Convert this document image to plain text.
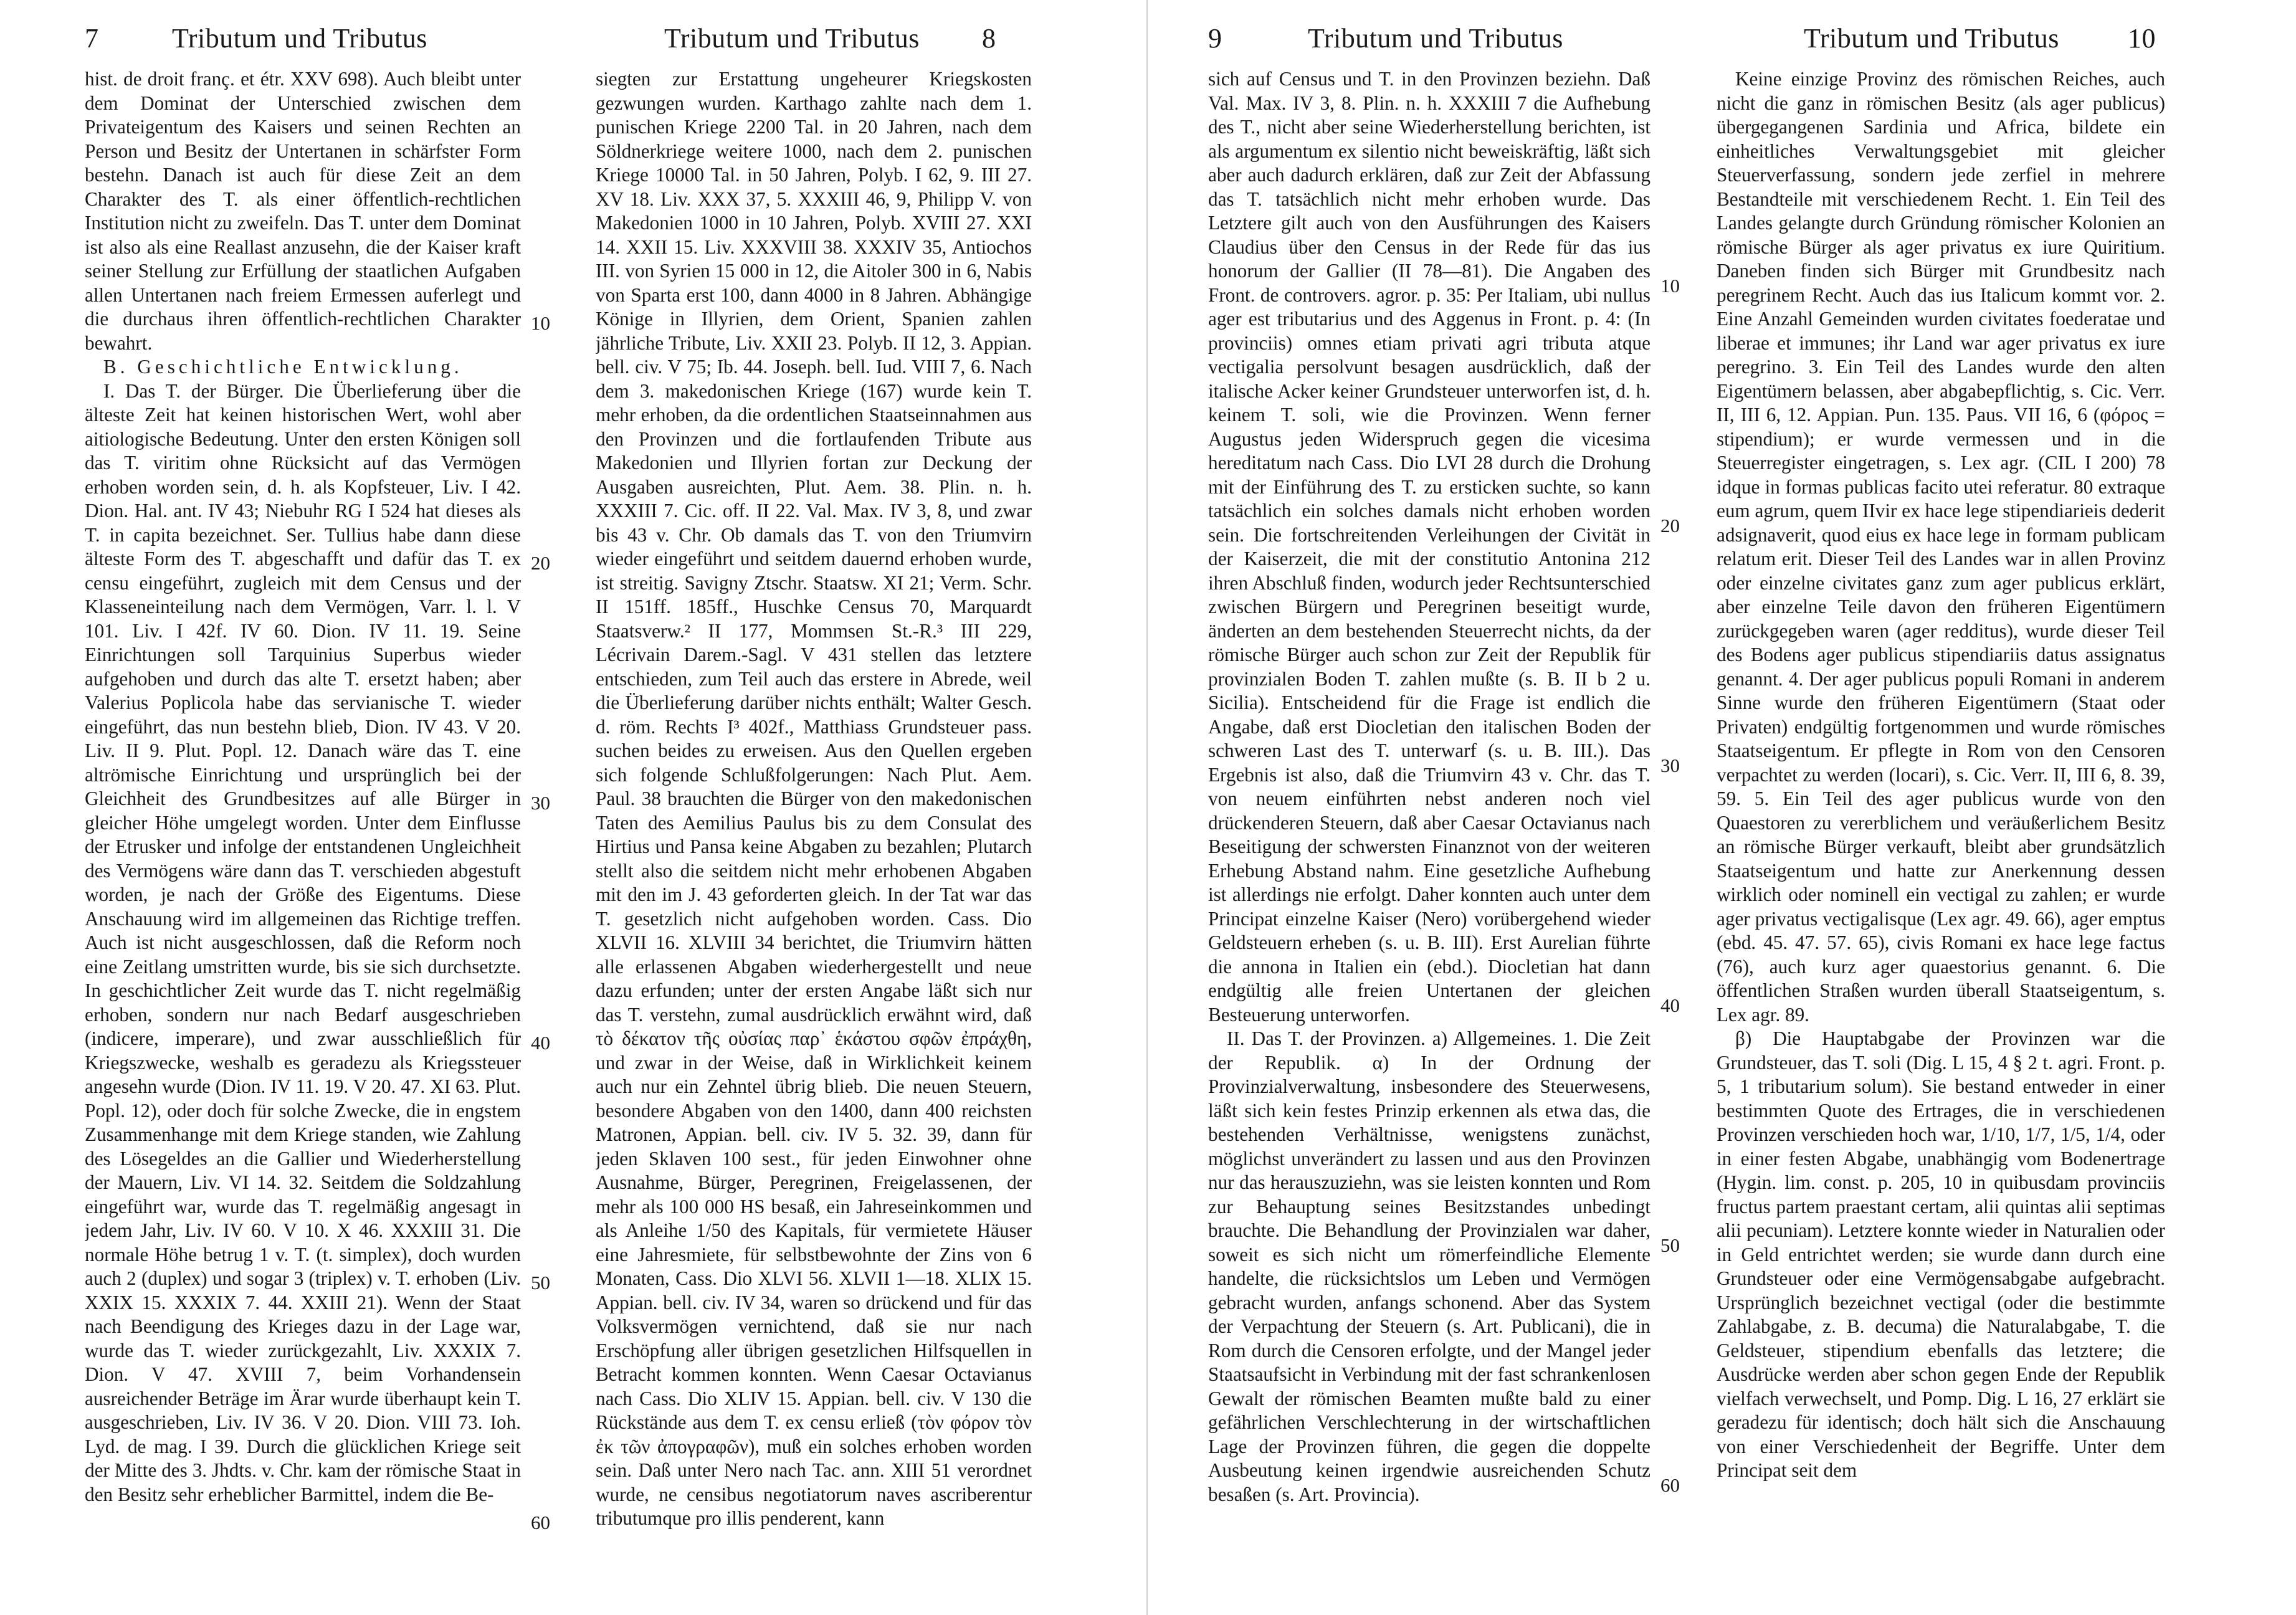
7	Tributum und Tributus

hist. de droit franç. et étr. XXV 698). Auch bleibt unter dem Dominat der Unterschied zwischen dem Privateigentum des Kaisers und seinen Rechten an Person und Besitz der Untertanen in schärfster Form bestehn. Danach ist auch für diese Zeit an dem Charakter des T. als einer öffentlich-rechtlichen Institution nicht zu zweifeln. Das T. unter dem Dominat ist also als eine Reallast anzusehn, die der Kaiser kraft seiner Stellung zur Erfüllung der staatlichen Aufgaben allen Untertanen nach freiem Ermessen auferlegt und die durchaus ihren öffentlich-rechtlichen Charakter bewahrt.

B. Geschichtliche Entwicklung.

I. Das T. der Bürger. Die Überlieferung über die älteste Zeit hat keinen historischen Wert, wohl aber aitiologische Bedeutung. Unter den ersten Königen soll das T. viritim ohne Rücksicht auf das Vermögen erhoben worden sein, d. h. als Kopfsteuer, Liv. I 42. Dion. Hal. ant. IV 43; Niebuhr RG I 524 hat dieses als T. in capita bezeichnet. Ser. Tullius habe dann diese älteste Form des T. abgeschafft und dafür das T. ex censu eingeführt, zugleich mit dem Census und der Klasseneinteilung nach dem Vermögen, Varr. l. l. V 101. Liv. I 42f. IV 60. Dion. IV 11. 19. Seine Einrichtungen soll Tarquinius Superbus wieder aufgehoben und durch das alte T. ersetzt haben; aber Valerius Poplicola habe das servianische T. wieder eingeführt, das nun bestehn blieb, Dion. IV 43. V 20. Liv. II 9. Plut. Popl. 12. Danach wäre das T. eine altrömische Einrichtung und ursprünglich bei der Gleichheit des Grundbesitzes auf alle Bürger in gleicher Höhe umgelegt worden. Unter dem Einflusse der Etrusker und infolge der entstandenen Ungleichheit des Vermögens wäre dann das T. verschieden abgestuft worden, je nach der Größe des Eigentums. Diese Anschauung wird im allgemeinen das Richtige treffen. Auch ist nicht ausgeschlossen, daß die Reform noch eine Zeitlang umstritten wurde, bis sie sich durchsetzte. In geschichtlicher Zeit wurde das T. nicht regelmäßig erhoben, sondern nur nach Bedarf ausgeschrieben (indicere, imperare), und zwar ausschließlich für Kriegszwecke, weshalb es geradezu als Kriegssteuer angesehn wurde (Dion. IV 11. 19. V 20. 47. XI 63. Plut. Popl. 12), oder doch für solche Zwecke, die in engstem Zusammenhange mit dem Kriege standen, wie Zahlung des Lösegeldes an die Gallier und Wiederherstellung der Mauern, Liv. VI 14. 32. Seitdem die Soldzahlung eingeführt war, wurde das T. regelmäßig angesagt in jedem Jahr, Liv. IV 60. V 10. X 46. XXXIII 31. Die normale Höhe betrug 1 v. T. (t. simplex), doch wurden auch 2 (duplex) und sogar 3 (triplex) v. T. erhoben (Liv. XXIX 15. XXXIX 7. 44. XXIII 21). Wenn der Staat nach Beendigung des Krieges dazu in der Lage war, wurde das T. wieder zurückgezahlt, Liv. XXXIX 7. Dion. V 47. XVIII 7, beim Vorhandensein ausreichender Beträge im Ärar wurde überhaupt kein T. ausgeschrieben, Liv. IV 36. V 20. Dion. VIII 73. Ioh. Lyd. de mag. I 39. Durch die glücklichen Kriege seit der Mitte des 3. Jhdts. v. Chr. kam der römische Staat in den Besitz sehr erheblicher Barmittel, indem die Be-

10
20
30
40
50
60
Tributum und Tributus 8

siegten zur Erstattung ungeheurer Kriegskosten gezwungen wurden. Karthago zahlte nach dem 1. punischen Kriege 2200 Tal. in 20 Jahren, nach dem Söldnerkriege weitere 1000, nach dem 2. punischen Kriege 10000 Tal. in 50 Jahren, Polyb. I 62, 9. III 27. XV 18. Liv. XXX 37, 5. XXXIII 46, 9, Philipp V. von Makedonien 1000 in 10 Jahren, Polyb. XVIII 27. XXI 14. XXII 15. Liv. XXXVIII 38. XXXIV 35, Antiochos III. von Syrien 15 000 in 12, die Aitoler 300 in 6, Nabis von Sparta erst 100, dann 4000 in 8 Jahren. Abhängige Könige in Illyrien, dem Orient, Spanien zahlen jährliche Tribute, Liv. XXII 23. Polyb. II 12, 3. Appian. bell. civ. V 75; Ib. 44. Joseph. bell. Iud. VIII 7, 6. Nach dem 3. makedonischen Kriege (167) wurde kein T. mehr erhoben, da die ordentlichen Staatseinnahmen aus den Provinzen und die fortlaufenden Tribute aus Makedonien und Illyrien fortan zur Deckung der Ausgaben ausreichten, Plut. Aem. 38. Plin. n. h. XXXIII 7. Cic. off. II 22. Val. Max. IV 3, 8, und zwar bis 43 v. Chr. Ob damals das T. von den Triumvirn wieder eingeführt und seitdem dauernd erhoben wurde, ist streitig. Savigny Ztschr. Staatsw. XI 21; Verm. Schr. II 151ff. 185ff., Huschke Census 70, Marquardt Staatsverw.² II 177, Mommsen St.-R.³ III 229, Lécrivain Darem.-Sagl. V 431 stellen das letztere entschieden, zum Teil auch das erstere in Abrede, weil die Überlieferung darüber nichts enthält; Walter Gesch. d. röm. Rechts I³ 402f., Matthiass Grundsteuer pass. suchen beides zu erweisen. Aus den Quellen ergeben sich folgende Schlußfolgerungen: Nach Plut. Aem. Paul. 38 brauchten die Bürger von den makedonischen Taten des Aemilius Paulus bis zu dem Consulat des Hirtius und Pansa keine Abgaben zu bezahlen; Plutarch stellt also die seitdem nicht mehr erhobenen Abgaben mit den im J. 43 geforderten gleich. In der Tat war das T. gesetzlich nicht aufgehoben worden. Cass. Dio XLVII 16. XLVIII 34 berichtet, die Triumvirn hätten alle erlassenen Abgaben wiederhergestellt und neue dazu erfunden; unter der ersten Angabe läßt sich nur das T. verstehn, zumal ausdrücklich erwähnt wird, daß τὸ δέκατον τῆς οὐσίας παρ᾽ ἑκάστου σφῶν ἐπράχθη, und zwar in der Weise, daß in Wirklichkeit keinem auch nur ein Zehntel übrig blieb. Die neuen Steuern, besondere Abgaben von den 1400, dann 400 reichsten Matronen, Appian. bell. civ. IV 5. 32. 39, dann für jeden Sklaven 100 sest., für jeden Einwohner ohne Ausnahme, Bürger, Peregrinen, Freigelassenen, der mehr als 100 000 HS besaß, ein Jahreseinkommen und als Anleihe 1/50 des Kapitals, für vermietete Häuser eine Jahresmiete, für selbstbewohnte der Zins von 6 Monaten, Cass. Dio XLVI 56. XLVII 1—18. XLIX 15. Appian. bell. civ. IV 34, waren so drückend und für das Volksvermögen vernichtend, daß sie nur nach Erschöpfung aller übrigen gesetzlichen Hilfsquellen in Betracht kommen konnten. Wenn Caesar Octavianus nach Cass. Dio XLIV 15. Appian. bell. civ. V 130 die Rückstände aus dem T. ex censu erließ (τὸν φόρον τὸν ἐκ τῶν ἀπογραφῶν), muß ein solches erhoben worden sein. Daß unter Nero nach Tac. ann. XIII 51 verordnet wurde, ne censibus negotiatorum naves ascriberentur tributumque pro illis penderent, kann

9	Tributum und Tributus

sich auf Census und T. in den Provinzen beziehn. Daß Val. Max. IV 3, 8. Plin. n. h. XXXIII 7 die Aufhebung des T., nicht aber seine Wiederherstellung berichten, ist als argumentum ex silentio nicht beweiskräftig, läßt sich aber auch dadurch erklären, daß zur Zeit der Abfassung das T. tatsächlich nicht mehr erhoben wurde. Das Letztere gilt auch von den Ausführungen des Kaisers Claudius über den Census in der Rede für das ius honorum der Gallier (II 78—81). Die Angaben des Front. de controvers. agror. p. 35: Per Italiam, ubi nullus ager est tributarius und des Aggenus in Front. p. 4: (In provinciis) omnes etiam privati agri tributa atque vectigalia persolvunt besagen ausdrücklich, daß der italische Acker keiner Grundsteuer unterworfen ist, d. h. keinem T. soli, wie die Provinzen. Wenn ferner Augustus jeden Widerspruch gegen die vicesima hereditatum nach Cass. Dio LVI 28 durch die Drohung mit der Einführung des T. zu ersticken suchte, so kann tatsächlich ein solches damals nicht erhoben worden sein. Die fortschreitenden Verleihungen der Civität in der Kaiserzeit, die mit der constitutio Antonina 212 ihren Abschluß finden, wodurch jeder Rechtsunterschied zwischen Bürgern und Peregrinen beseitigt wurde, änderten an dem bestehenden Steuerrecht nichts, da der römische Bürger auch schon zur Zeit der Republik für provinzialen Boden T. zahlen mußte (s. B. II b 2 u. Sicilia). Entscheidend für die Frage ist endlich die Angabe, daß erst Diocletian den italischen Boden der schweren Last des T. unterwarf (s. u. B. III.). Das Ergebnis ist also, daß die Triumvirn 43 v. Chr. das T. von neuem einführten nebst anderen noch viel drückenderen Steuern, daß aber Caesar Octavianus nach Beseitigung der schwersten Finanznot von der weiteren Erhebung Abstand nahm. Eine gesetzliche Aufhebung ist allerdings nie erfolgt. Daher konnten auch unter dem Principat einzelne Kaiser (Nero) vorübergehend wieder Geldsteuern erheben (s. u. B. III). Erst Aurelian führte die annona in Italien ein (ebd.). Diocletian hat dann endgültig alle freien Untertanen der gleichen Besteuerung unterworfen.

II. Das T. der Provinzen. a) Allgemeines. 1. Die Zeit der Republik. α) In der Ordnung der Provinzialverwaltung, insbesondere des Steuerwesens, läßt sich kein festes Prinzip erkennen als etwa das, die bestehenden Verhältnisse, wenigstens zunächst, möglichst unverändert zu lassen und aus den Provinzen nur das herauszuziehn, was sie leisten konnten und Rom zur Behauptung seines Besitzstandes unbedingt brauchte. Die Behandlung der Provinzialen war daher, soweit es sich nicht um römerfeindliche Elemente handelte, die rücksichtslos um Leben und Vermögen gebracht wurden, anfangs schonend. Aber das System der Verpachtung der Steuern (s. Art. Publicani), die in Rom durch die Censoren erfolgte, und der Mangel jeder Staatsaufsicht in Verbindung mit der fast schrankenlosen Gewalt der römischen Beamten mußte bald zu einer gefährlichen Verschlechterung in der wirtschaftlichen Lage der Provinzen führen, die gegen die doppelte Ausbeutung keinen irgendwie ausreichenden Schutz besaßen (s. Art. Provincia).

10
20
30
40
50
60
Tributum und Tributus	10

Keine einzige Provinz des römischen Reiches, auch nicht die ganz in römischen Besitz (als ager publicus) übergegangenen Sardinia und Africa, bildete ein einheitliches Verwaltungsgebiet mit gleicher Steuerverfassung, sondern jede zerfiel in mehrere Bestandteile mit verschiedenem Recht. 1. Ein Teil des Landes gelangte durch Gründung römischer Kolonien an römische Bürger als ager privatus ex iure Quiritium. Daneben finden sich Bürger mit Grundbesitz nach peregrinem Recht. Auch das ius Italicum kommt vor. 2. Eine Anzahl Gemeinden wurden civitates foederatae und liberae et immunes; ihr Land war ager privatus ex iure peregrino. 3. Ein Teil des Landes wurde den alten Eigentümern belassen, aber abgabepflichtig, s. Cic. Verr. II, III 6, 12. Appian. Pun. 135. Paus. VII 16, 6 (φόρος = stipendium); er wurde vermessen und in die Steuerregister eingetragen, s. Lex agr. (CIL I 200) 78 idque in formas publicas facito utei referatur. 80 extraque eum agrum, quem IIvir ex hace lege stipendiarieis dederit adsignaverit, quod eius ex hace lege in formam publicam relatum erit. Dieser Teil des Landes war in allen Provinz oder einzelne civitates ganz zum ager publicus erklärt, aber einzelne Teile davon den früheren Eigentümern zurückgegeben waren (ager redditus), wurde dieser Teil des Bodens ager publicus stipendiariis datus assignatus genannt. 4. Der ager publicus populi Romani in anderem Sinne wurde den früheren Eigentümern (Staat oder Privaten) endgültig fortgenommen und wurde römisches Staatseigentum. Er pflegte in Rom von den Censoren verpachtet zu werden (locari), s. Cic. Verr. II, III 6, 8. 39, 59. 5. Ein Teil des ager publicus wurde von den Quaestoren zu vererblichem und veräußerlichem Besitz an römische Bürger verkauft, bleibt aber grundsätzlich Staatseigentum und hatte zur Anerkennung dessen wirklich oder nominell ein vectigal zu zahlen; er wurde ager privatus vectigalisque (Lex agr. 49. 66), ager emptus (ebd. 45. 47. 57. 65), civis Romani ex hace lege factus (76), auch kurz ager quaestorius genannt. 6. Die öffentlichen Straßen wurden überall Staatseigentum, s. Lex agr. 89.

β) Die Hauptabgabe der Provinzen war die Grundsteuer, das T. soli (Dig. L 15, 4 § 2 t. agri. Front. p. 5, 1 tributarium solum). Sie bestand entweder in einer bestimmten Quote des Ertrages, die in verschiedenen Provinzen verschieden hoch war, 1/10, 1/7, 1/5, 1/4, oder in einer festen Abgabe, unabhängig vom Bodenertrage (Hygin. lim. const. p. 205, 10 in quibusdam provinciis fructus partem praestant certam, alii quintas alii septimas alii pecuniam). Letztere konnte wieder in Naturalien oder in Geld entrichtet werden; sie wurde dann durch eine Grundsteuer oder eine Vermögensabgabe aufgebracht. Ursprünglich bezeichnet vectigal (oder die bestimmte Zahlabgabe, z. B. decuma) die Naturalabgabe, T. die Geldsteuer, stipendium ebenfalls das letztere; die Ausdrücke werden aber schon gegen Ende der Republik vielfach verwechselt, und Pomp. Dig. L 16, 27 erklärt sie geradezu für identisch; doch hält sich die Anschauung von einer Verschiedenheit der Begriffe. Unter dem Principat seit dem
